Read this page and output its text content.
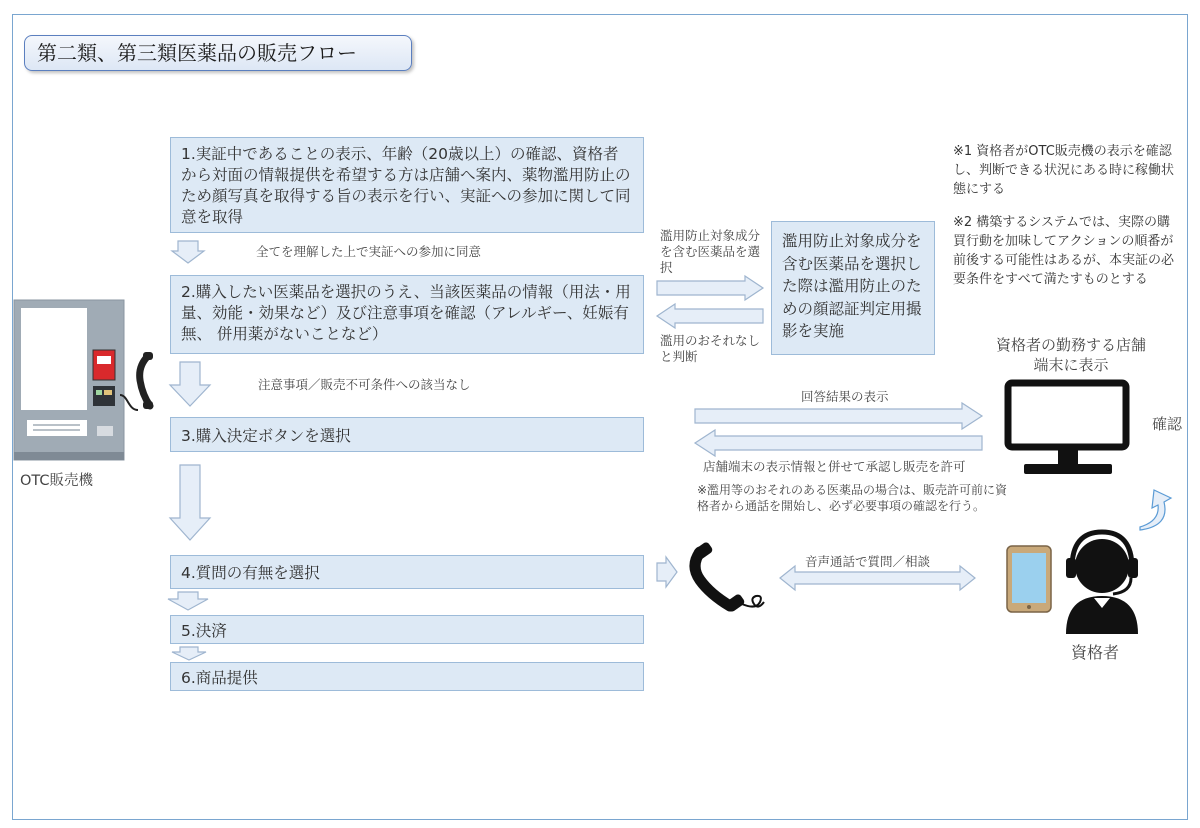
第二類、第三類医薬品の販売フロー
1.実証中であることの表示、年齢（20歳以上）の確認、資格者から対面の情報提供を希望する方は店舗へ案内、薬物濫用防止のため顔写真を取得する旨の表示を行い、実証への参加に関して同意を取得
2.購入したい医薬品を選択のうえ、当該医薬品の情報（用法・用量、効能・効果など）及び注意事項を確認（アレルギー、妊娠有無、 併用薬がないことなど）
3.購入決定ボタンを選択
4.質問の有無を選択
5.決済
6.商品提供
全てを理解した上で実証への参加に同意
注意事項／販売不可条件への該当なし
濫用防止対象成分を含む医薬品を選択した際は濫用防止のための顔認証判定用撮影を実施
濫用防止対象成分を含む医薬品を選択
濫用のおそれなしと判断
OTC販売機
資格者の勤務する店舗端末に表示
確認
回答結果の表示
店舗端末の表示情報と併せて承認し販売を許可
※濫用等のおそれのある医薬品の場合は、販売許可前に資格者から通話を開始し、必ず必要事項の確認を行う。
音声通話で質問／相談
資格者
※1 資格者がOTC販売機の表示を確認し、判断できる状況にある時に稼働状態にする
※2 構築するシステムでは、実際の購買行動を加味してアクションの順番が前後する可能性はあるが、本実証の必要条件をすべて満たすものとする
